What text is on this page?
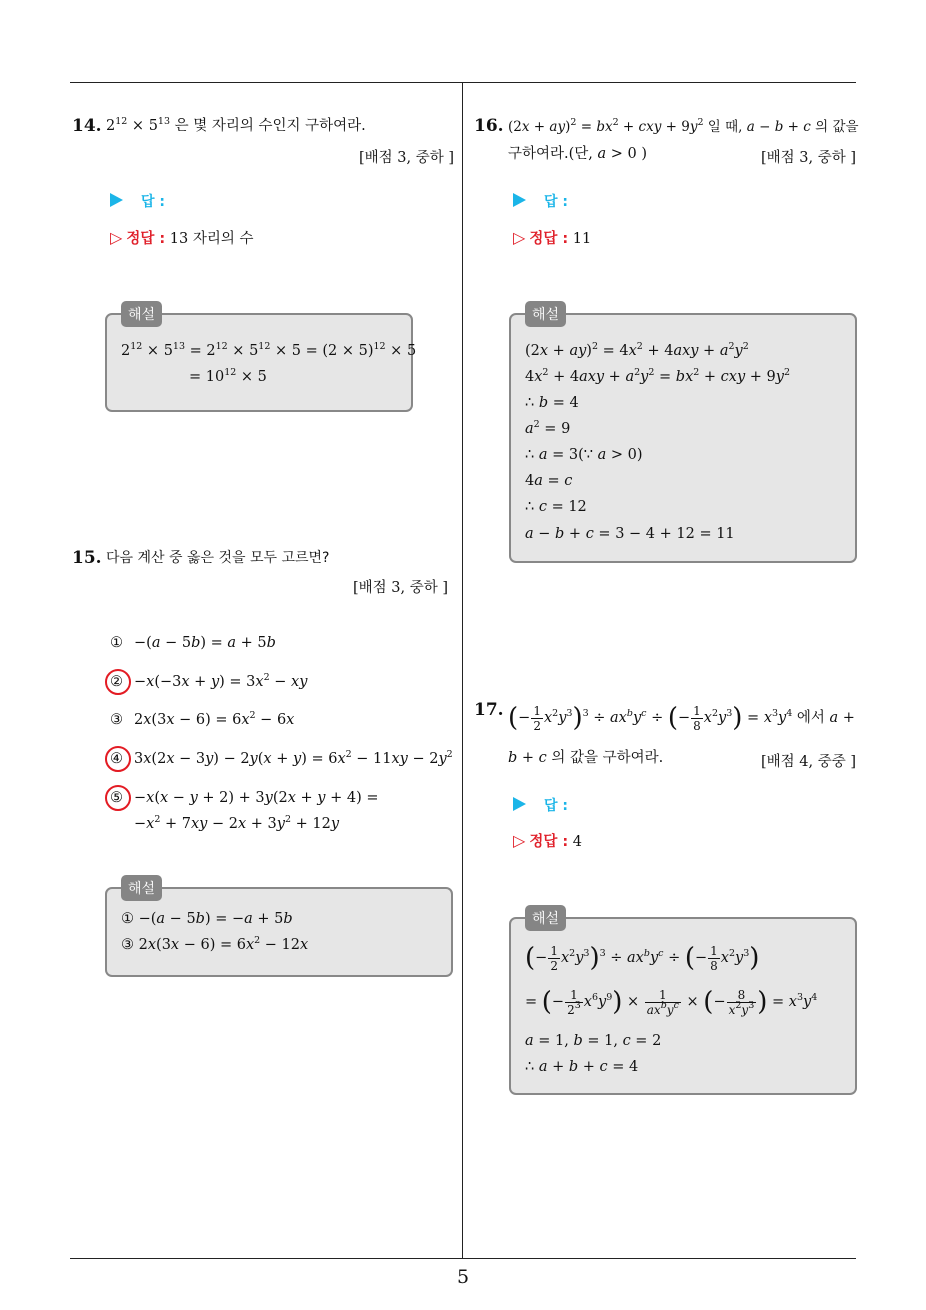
5
14. $2^{12} \times 5^{13}$ 은 몇 자리의 수인지 구하여라.
[배점 3, 중하 ]
답 :
▷ 정답 : 13 자리의 수
해설
$2^{12} \times 5^{13} = 2^{12} \times 5^{12} \times 5 = (2 \times 5)^{12} \times 5$
= $10^{12} \times 5$
15. 다음 계산 중 옳은 것을 모두 고르면?
[배점 3, 중하 ]
① −(a − 5b) = a + 5b
② $-x(-3x + y) = 3x^2$ − xy
③ $2x(3x - 6) = 6x^2 - 6x$
④ $3x(2x - 3y) - 2y(x + y) = 6x^2 - 11xy - 2y^2$
⑤ −x(x − y + 2) + 3y(2x + y + 4) =
$-x^2 + 7xy - 2x + 3y^2 + 12y$
해설
① −(a − 5b) = −a + 5b
③ $2x(3x - 6) = 6x^2 - 12x$
16. $(2x + ay)^2 = bx^2$ + cxy + $9y^2$ 일 때, a − b + c 의 값을
구하여라.(단, a > 0 )	[배점 3, 중하 ]
답 :
▷ 정답 : 11
해설
$(2x + ay)^2 = 4x^2 + 4axy + a^2y^2$
$4x^2 + 4axy + a^2y^2 = bx^2$ + cxy + $9y^2$
∴ b = 4
$a^2 = 9$
∴ a = 3(∵ a > 0)
4a = c
∴ c = 12
a − b + c = 3 − 4 + 12 = 11
17. (− $\frac{1}{2} x^2y^3)^3 \div ax^by^c$ ÷ (− $\frac{1}{8} x^2y^3) = x^3y^4$ 에서 a +
b + c 의 값을 구하여라.	[배점 4, 중중 ]
답 :
▷ 정답 : 4
해설
(− $\frac{1}{2} x^2y^3)^3 \div ax^by^c$ ÷ (− $\frac{1}{8} x^2y^3$)
= (− $\frac{1}{2^3} x^6y^9) \times \frac{1}{ax^by^c}$ × (− $\frac{8}{x^2y^3}$ ) = $x^3y^4$
a = 1, b = 1, c = 2
∴ a + b + c = 4
